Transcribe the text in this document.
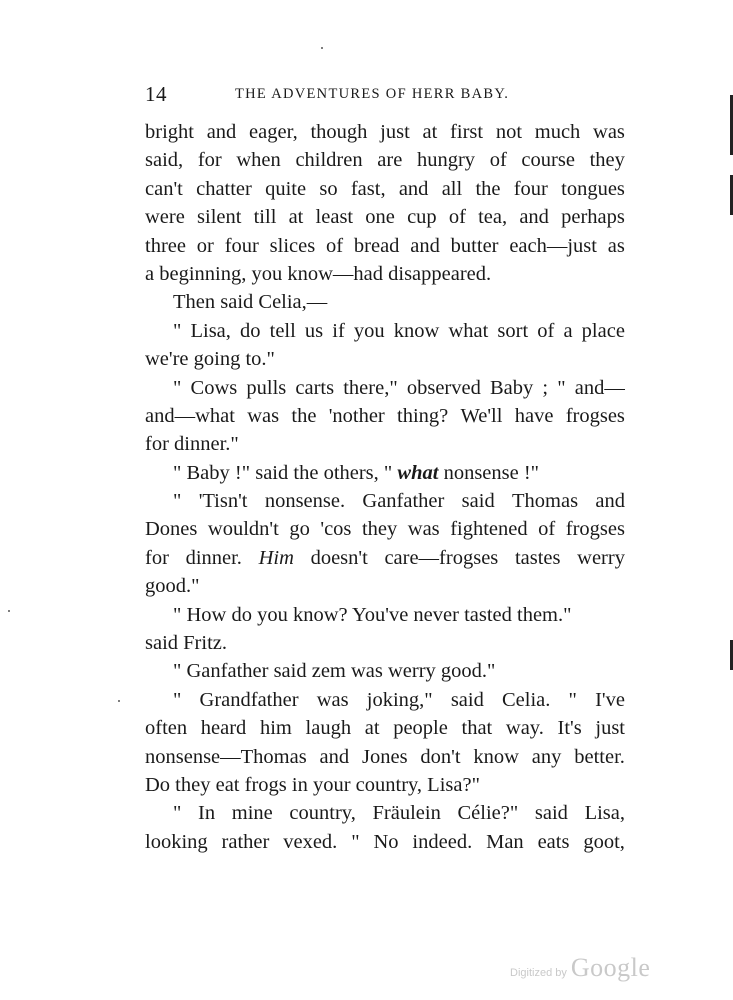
14	THE ADVENTURES OF HERR BABY.
bright and eager, though just at first not much was
said, for when children are hungry of course they
can't chatter quite so fast, and all the four tongues
were silent till at least one cup of tea, and perhaps
three or four slices of bread and butter each—just as
a beginning, you know—had disappeared.
Then said Celia,—
" Lisa, do tell us if you know what sort of a place
we're going to."
" Cows pulls carts there," observed Baby ; " and—
and—what was the 'nother thing? We'll have frogses
for dinner."
" Baby !" said the others, " what nonsense !"
" 'Tisn't nonsense. Ganfather said Thomas and
Dones wouldn't go 'cos they was fightened of frogses
for dinner. Him doesn't care—frogses tastes werry
good."
" How do you know? You've never tasted them."
said Fritz.
" Ganfather said zem was werry good."
" Grandfather was joking," said Celia. " I've
often heard him laugh at people that way. It's just
nonsense—Thomas and Jones don't know any better.
Do they eat frogs in your country, Lisa?"
" In mine country, Fräulein Célie?" said Lisa,
looking rather vexed. " No indeed. Man eats goot,
Digitized by Google
